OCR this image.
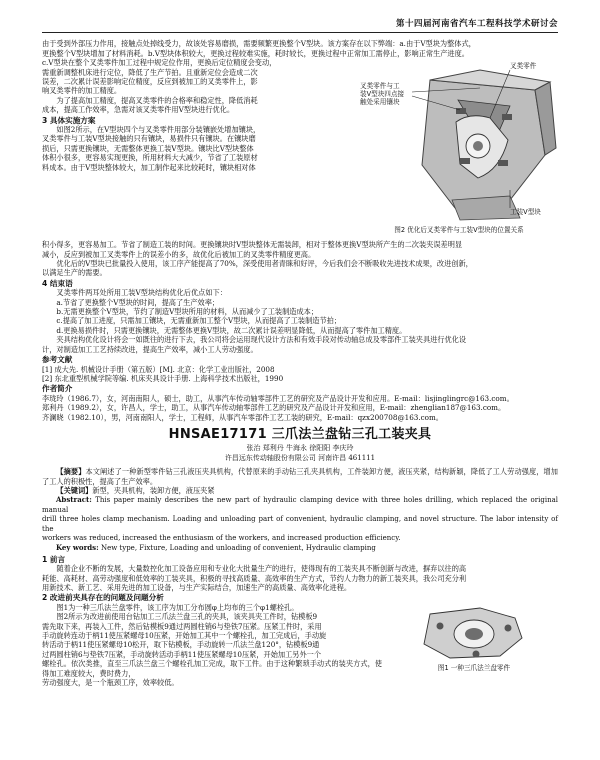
第十四届河南省汽车工程科技学术研讨会

由于受到外部压力作用，接触点处掉线受力，故该处容易磨损，需要频繁更换整个V型块。该方案存在以下弊端：a.由于V型块为整体式，

更换整个V型块增加了材料消耗。b.V型块体积较大，更换过程较难实施，耗时较长，更换过程中正常加工需停止，影响正常生产进度。

叉类零件与工
装V型块四点接
触处采用镶块
叉类零件
工装V型块
图2 优化后叉类零件与工装V型块的位置关系

c.V型块在整个叉类零件加工过程中规定位作用，更换后定位精度会变动，

需重新调整机床进行定位，降低了生产节拍。且重新定位会造成二次

误差，二次累计误差影响定位精度，反应到被加工的叉类零件上，影

响叉类零件的加工精度。

为了提高加工精度，提高叉类零件的合格率和稳定性，降低消耗

成本，提高工作效率，急需对该叉类零件用V型块进行优化。

3 具体实施方案

如图2所示，在V型块四个与叉类零件用部分装镶嵌处增加镶块，

叉类零件与工装V型块接触的只有镶块，易损件只有镶块。在镶块磨

损后，只需更换镶块，无需整体更换工装V型块。镶块比V型块整体

体积小很多，更容易实现更换，所用材料大大减少，节省了工装原材

料成本。由于V型块整体较大，加工制作起来比较耗时，镶块相对体

积小得多，更容易加工。节省了制造工装的时间。更换镶块时V型块整体无需装卸，相对于整体更换V型块所产生的二次装夹误差明显

减小，反应到被加工叉类零件上的误差小的多，故优化后被加工的叉类零件精度更高。

优化后的V型块已批量投入使用，该工序产能提高了70%，深受使用者青睐和好评，今后我们会不断吸收先进技术成果，改进创新，

以满足生产的需要。

4 结束语

叉类零件两耳处所用工装V型块结构优化后优点如下：

a.节省了更换整个V型块的时间，提高了生产效率；

b.无需更换整个V型块，节约了制造V型块所用的材料，从而减少了工装制造成本；

c.提高了加工进度，只需加工镶块，无需重新加工整个V型块，从而提高了工装制造节拍；

d.更换易损件时，只需更换镶块，无需整体更换V型块，故二次累计误差明显降低，从而提高了零件加工精度。

夹具结构优化设计将会一如既往的进行下去，我公司将会运用现代设计方法和有效手段对传动轴总成及零部件工装夹具进行优化设

计，对制造加工工艺持续改进，提高生产效率，减小工人劳动强度。

参考文献

[1] 成大先. 机械设计手册（第五版）[M]. 北京：化学工业出版社，2008

[2] 东北重型机械学院等编. 机床夹具设计手册. 上海科学技术出版社，1990

作者简介

李珑玲（1986.7），女，河南南阳人，硕士，助工，从事汽车传动轴零部件工艺的研究及产品设计开发和应用。E-mail：lisjinglingrc@163.com。

郑利丹（1989.2），女，许昌人，学士，助工，从事汽车传动轴零部件工艺的研究及产品设计开发和应用，E-mail：zhenglian187@163.com。

齐澜晓（1982.10），男，河南南阳人，学士，工程师，从事汽车零部件工艺工装的研究，E-mail：qzx200708@163.com。

HNSAE17171 三爪法兰盘钻三孔工装夹具
张治 郑利丹 牛海永 徐阳阳 李庆玲
许昌远东传动轴股份有限公司 河南许昌 461111

【摘要】本文阐述了一种新型零件钻三孔液压夹具机构，代替原来的手动钻三孔夹具机构，工件装卸方便，液压夹紧，结构新颖，降低了工人劳动强度，增加了工人的积极性，提高了生产效率。

【关键词】新型，夹具机构，装卸方便，液压夹紧

Abstract: This paper mainly describes the new part of hydraulic clamping device with three holes drilling, which replaced the original manual

drill three holes clamp mechanism. Loading and unloading part of convenient, hydraulic clamping, and novel structure. The labor intensity of the

workers was reduced, increased the enthusiasm of the workers, and increased production efficiency.

Key words: New type, Fixture, Loading and unloading of convenient, Hydraulic clamping

1 前言

随着企业不断的发展，大量数控化加工设备应用和专业化大批量生产的进行，使得现有的工装夹具不断创新与改进，摒弃以往的高

耗能、高耗材、高劳动强度和低效率的工装夹具，积极的寻找高质量、高效率的生产方式，节约人力物力的新工装夹具，我公司充分利

用新技术、新工艺、采用先进的加工设备，与生产实际结合，加速生产的高质量、高效率化进程。

2 改进前夹具存在的问题及问题分析
图1 一种三爪法兰盘零件

图1为一种三爪法兰盘零件，该工序为加工分布圆φ上均布的三个φ1螺栓孔。

图2所示为改进前使用台钻加工三爪法兰盘三孔的夹具，该夹具夹工件时，钻模板9

需先取下来，再装入工件，然后钻模板9通过两圆柱销6与垫铁7压紧。压紧工件时，采用

手动旋转连动于柄11使压紧螺母10压紧，开始加工其中一个螺栓孔，加工完成后，手动旋

转活动于柄11使压紧螺母10松开，取下钻模板，手动旋转一爪法兰盘120°，钻模板9通

过两圆柱销6与垫铁7压紧，手动旋转活动手柄11使压紧螺母10压紧，开始加工另外一个

螺栓孔。依次类推，直至三爪法兰盘三个螺栓孔加工完成，取下工件。由于这种繁琐手动式的装夹方式，使得加工难度较大，费时费力，

劳动强度大，是一个瓶颈工序，效率较低。
